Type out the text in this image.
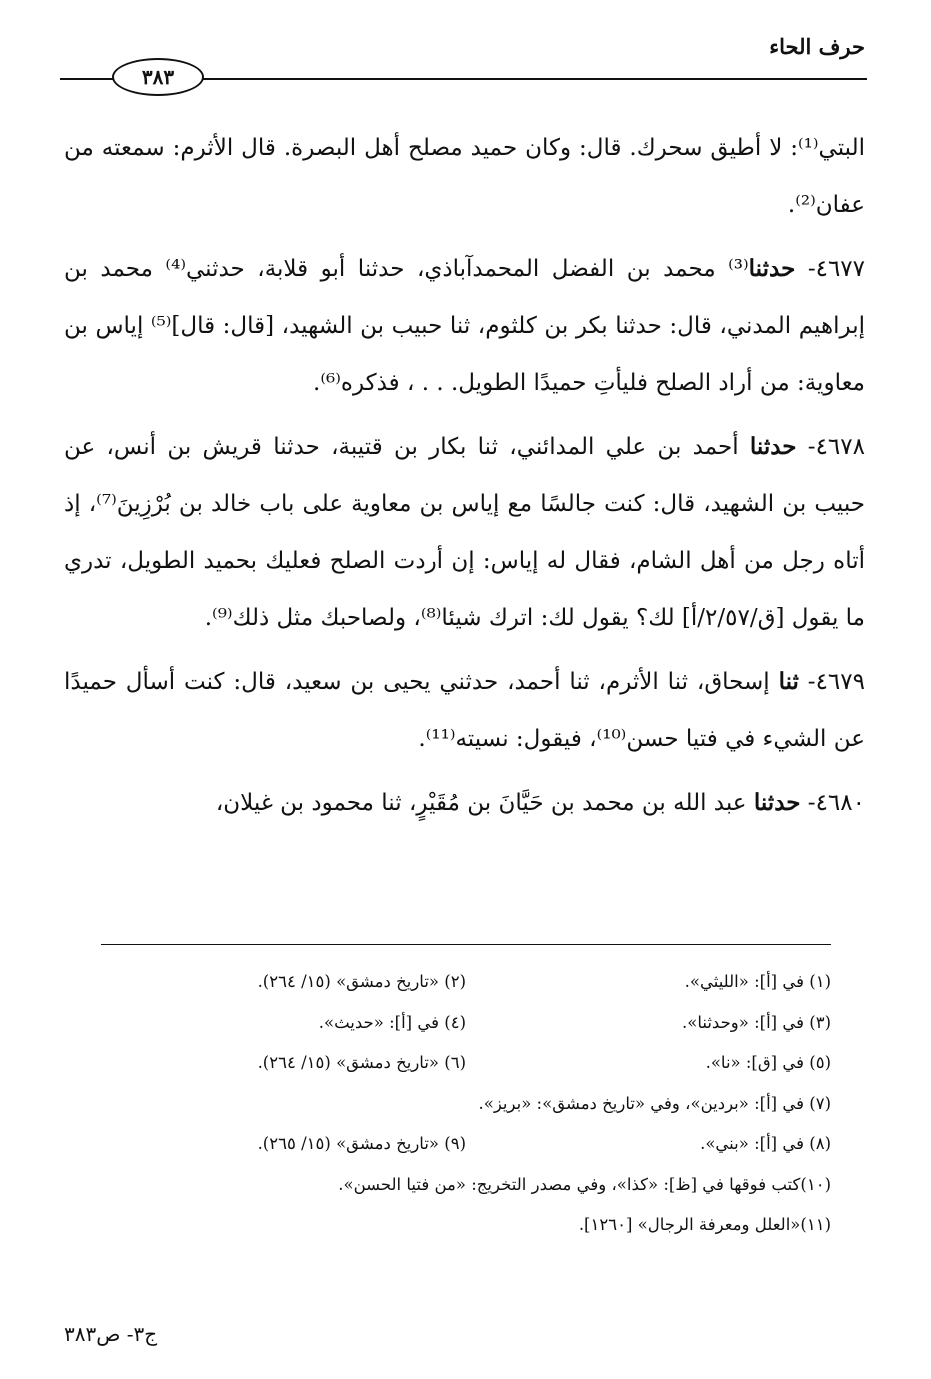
حرف الحاء
٣٨٣

البتي⁽¹⁾: لا أطيق سحرك. قال: وكان حميد مصلح أهل البصرة. قال الأثرم: سمعته من عفان⁽²⁾.

٤٦٧٧- حدثنا⁽³⁾ محمد بن الفضل المحمدآباذي، حدثنا أبو قلابة، حدثني⁽⁴⁾ محمد بن إبراهيم المدني، قال: حدثنا بكر بن كلثوم، ثنا حبيب بن الشهيد، [قال: قال]⁽⁵⁾ إياس بن معاوية: من أراد الصلح فليأتِ حميدًا الطويل. . . ، فذكره⁽⁶⁾.

٤٦٧٨- حدثنا أحمد بن علي المدائني، ثنا بكار بن قتيبة، حدثنا قريش بن أنس، عن حبيب بن الشهيد، قال: كنت جالسًا مع إياس بن معاوية على باب خالد بن بُرْزِينَ⁽⁷⁾، إذ أتاه رجل من أهل الشام، فقال له إياس: إن أردت الصلح فعليك بحميد الطويل، تدري ما يقول [ق/٢/٥٧/أ] لك؟ يقول لك: اترك شيئا⁽⁸⁾، ولصاحبك مثل ذلك⁽⁹⁾.

٤٦٧٩- ثنا إسحاق، ثنا الأثرم، ثنا أحمد، حدثني يحيى بن سعيد، قال: كنت أسأل حميدًا عن الشيء في فتيا حسن⁽¹⁰⁾، فيقول: نسيته⁽¹¹⁾.

٤٦٨٠- حدثنا عبد الله بن محمد بن حَيَّانَ بن مُقَيْرٍ، ثنا محمود بن غيلان،

(١) في [أ]: «الليثي».
(٢) «تاريخ دمشق» (١٥/ ٢٦٤).
(٣) في [أ]: «وحدثنا».
(٤) في [أ]: «حديث».
(٥) في [ق]: «نا».
(٦) «تاريخ دمشق» (١٥/ ٢٦٤).
(٧) في [أ]: «بردين»، وفي «تاريخ دمشق»: «بريز».
(٨) في [أ]: «بني».
(٩) «تاريخ دمشق» (١٥/ ٢٦٥).
(١٠)كتب فوقها في [ظ]: «كذا»، وفي مصدر التخريج: «من فتيا الحسن».
(١١)«العلل ومعرفة الرجال» [١٢٦٠].
ج٣- ص٣٨٣
